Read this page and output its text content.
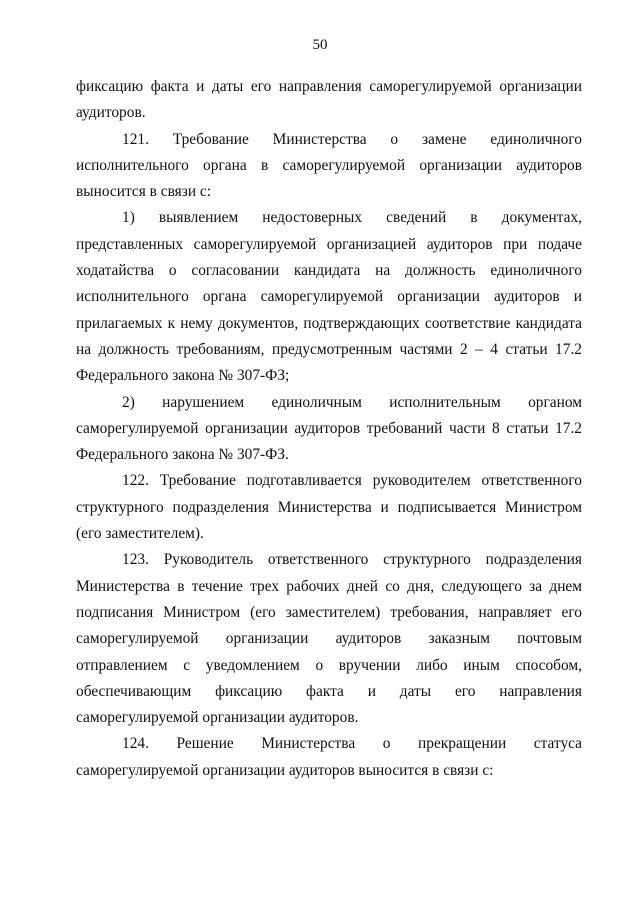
50

фиксацию факта и даты его направления саморегулируемой организации аудиторов.

121. Требование Министерства о замене единоличного исполнительного органа в саморегулируемой организации аудиторов выносится в связи с:

1) выявлением недостоверных сведений в документах, представленных саморегулируемой организацией аудиторов при подаче ходатайства о согласовании кандидата на должность единоличного исполнительного органа саморегулируемой организации аудиторов и прилагаемых к нему документов, подтверждающих соответствие кандидата на должность требованиям, предусмотренным частями 2 – 4 статьи 17.2 Федерального закона № 307-ФЗ;

2) нарушением единоличным исполнительным органом саморегулируемой организации аудиторов требований части 8 статьи 17.2 Федерального закона № 307-ФЗ.

122. Требование подготавливается руководителем ответственного структурного подразделения Министерства и подписывается Министром (его заместителем).

123. Руководитель ответственного структурного подразделения Министерства в течение трех рабочих дней со дня, следующего за днем подписания Министром (его заместителем) требования, направляет его саморегулируемой организации аудиторов заказным почтовым отправлением с уведомлением о вручении либо иным способом, обеспечивающим фиксацию факта и даты его направления саморегулируемой организации аудиторов.

124. Решение Министерства о прекращении статуса саморегулируемой организации аудиторов выносится в связи с:
